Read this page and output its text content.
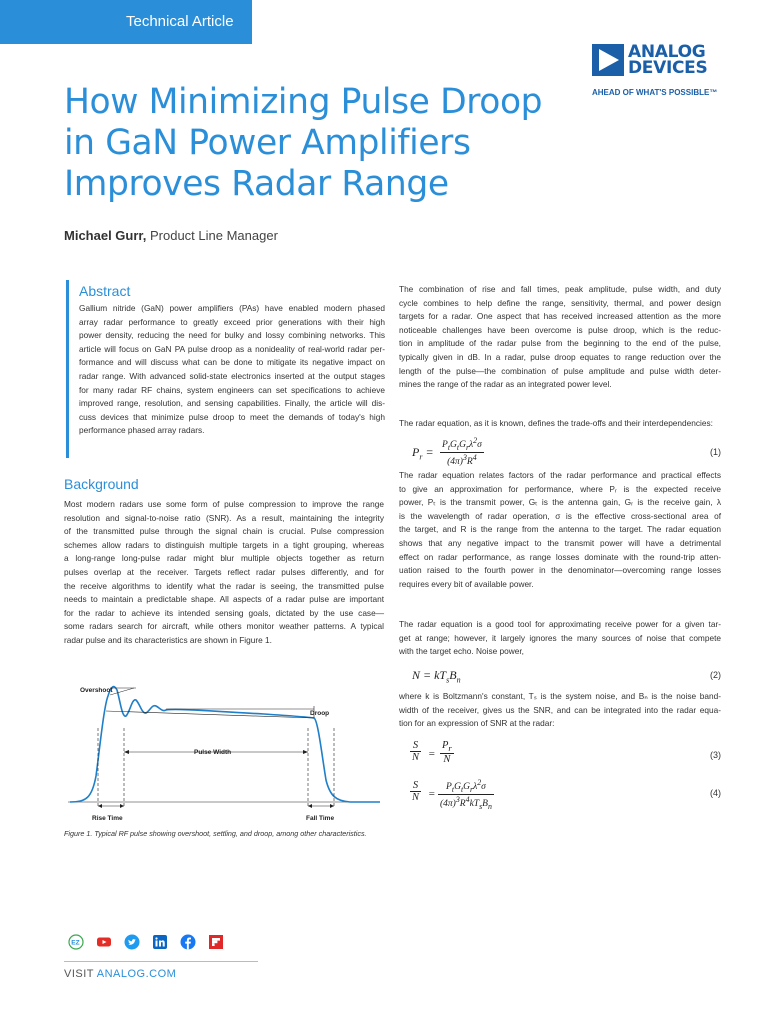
Technical Article
ANALOG
DEVICES
AHEAD OF WHAT'S POSSIBLE™
How Minimizing Pulse Droop
in GaN Power Amplifiers
Improves Radar Range
Michael Gurr, Product Line Manager
Abstract
Gallium nitride (GaN) power amplifiers (PAs) have enabled modern phased
array radar performance to greatly exceed prior generations with their high
power density, reducing the need for bulky and lossy combining networks. This
article will focus on GaN PA pulse droop as a nonideality of real-world radar per-
formance and will discuss what can be done to mitigate its negative impact on
radar range. With advanced solid-state electronics inserted at the output stages
for many radar RF chains, system engineers can set specifications to achieve
improved range, resolution, and sensing capabilities. Finally, the article will dis-
cuss devices that minimize pulse droop to meet the demands of today's high
performance phased array radars.
Background
Most modern radars use some form of pulse compression to improve the range
resolution and signal-to-noise ratio (SNR). As a result, maintaining the integrity
of the transmitted pulse through the signal chain is crucial. Pulse compression
schemes allow radars to distinguish multiple targets in a tight grouping, whereas
a long-range long-pulse radar might blur multiple objects together as return
pulses overlap at the receiver. Targets reflect radar pulses differently, and for
the receive algorithms to identify what the radar is seeing, the transmitted pulse
needs to maintain a predictable shape. All aspects of a radar pulse are important
for the radar to achieve its intended sensing goals, dictated by the use case—
some radars search for aircraft, while others monitor weather patterns. A typical
radar pulse and its characteristics are shown in Figure 1.
Overshoot
Droop
Pulse Width
Rise Time	Fall Time
Figure 1. Typical RF pulse showing overshoot, settling, and droop, among other characteristics.
The combination of rise and fall times, peak amplitude, pulse width, and duty
cycle combines to help define the range, sensitivity, thermal, and power design
targets for a radar. One aspect that has received increased attention as the more
noticeable challenges have been overcome is pulse droop, which is the reduc-
tion in amplitude of the radar pulse from the beginning to the end of the pulse,
typically given in dB. In a radar, pulse droop equates to range reduction over the
length of the pulse—the combination of pulse amplitude and pulse width deter-
mines the range of the radar as an integrated power level.
The radar equation, as it is known, defines the trade-offs and their interdependencies:
$P_r = P_tG_tG_r\lambda^2\sigma$
$(4\pi)^3R^4$
(1)
The radar equation relates factors of the radar performance and practical effects
to give an approximation for performance, where Pᵣ is the expected receive
power, Pₜ is the transmit power, Gₜ is the antenna gain, Gᵣ is the receive gain, λ
is the wavelength of radar operation, σ is the effective cross-sectional area of
the target, and R is the range from the antenna to the target. The radar equation
shows that any negative impact to the transmit power will have a detrimental
effect on radar performance, as range losses dominate with the round-trip atten-
uation raised to the fourth power in the denominator—overcoming range losses
requires every bit of available power.
The radar equation is a good tool for approximating receive power for a given tar-
get at range; however, it largely ignores the many sources of noise that compete
with the target echo. Noise power,
$N = kT_sB_n$	(2)
where k is Boltzmann's constant, Tₛ is the system noise, and Bₙ is the noise band-
width of the receiver, gives us the SNR, and can be integrated into the radar equa-
tion for an expression of SNR at the radar:
$\frac{S}{N} = \frac{P_r}{N}$	(3)
$\frac{S}{N}$ =
$P_tG_tG_r\lambda^2\sigma$
$(4\pi)^3R^4kT_sB_n$
(4)
EZ
VISIT ANALOG.COM
